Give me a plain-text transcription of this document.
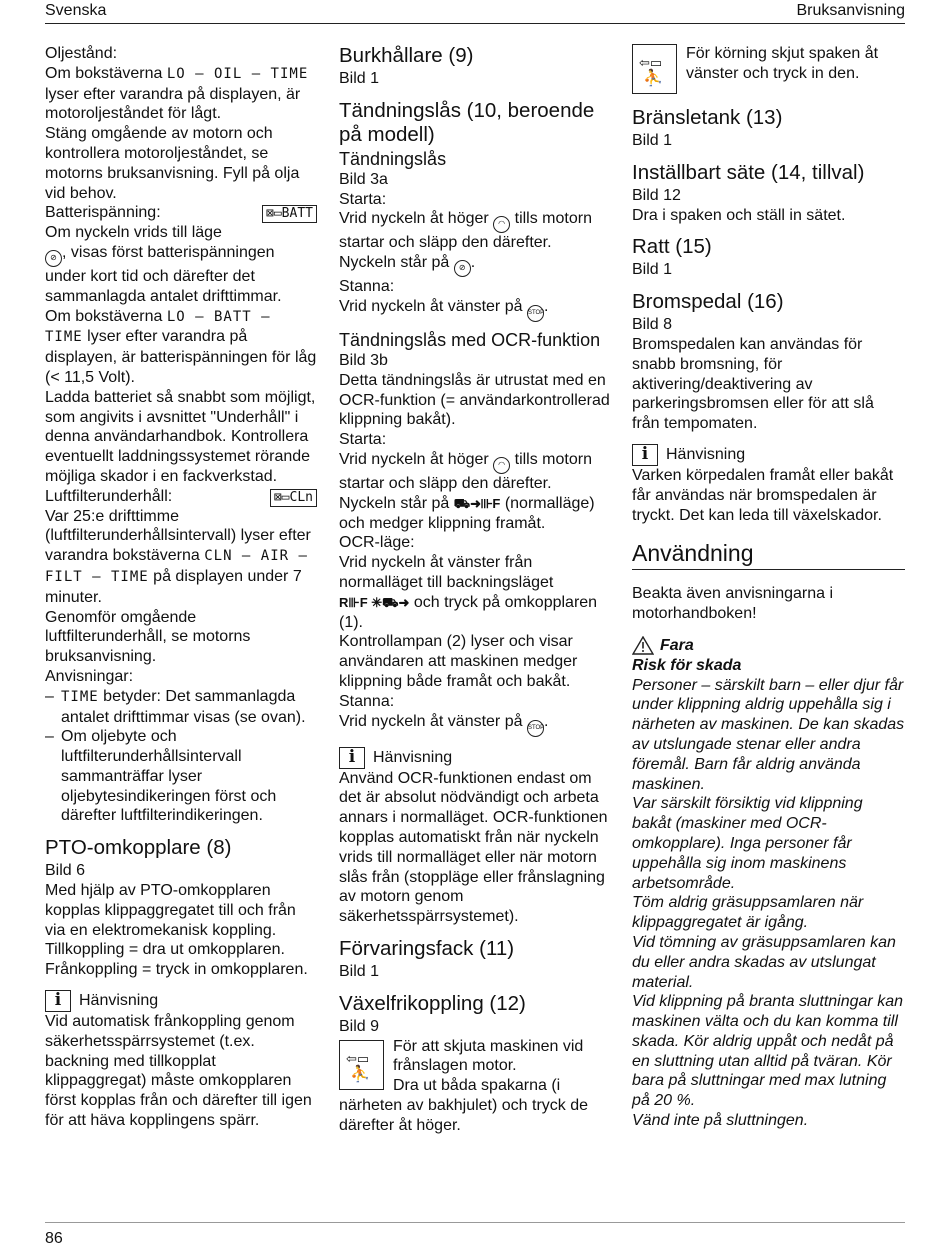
Svenska	Bruksanvisning

Oljestånd:

Om bokstäverna LO – OIL – TIME lyser efter varandra på displayen, är motoroljeståndet för lågt.

Stäng omgående av motorn och kontrollera motoroljeståndet, se motorns bruksanvisning. Fyll på olja vid behov.

⊠▭BATT

Batterispänning:

Om nyckeln vrids till läge
⊘ , visas först batterispänningen under kort tid och därefter det sammanlagda antalet drifttimmar.

Om bokstäverna LO – BATT – TIME lyser efter varandra på displayen, är batterispänningen för låg (< 11,5 Volt).

Ladda batteriet så snabbt som möjligt, som angivits i avsnittet "Underhåll" i denna användarhandbok. Kontrollera eventuellt laddningssystemet rörande möjliga skador i en fackverkstad.

⊠▭CLn

Luftfilterunderhåll:

Var 25:e drifttimme (luftfilterunderhållsintervall) lyser efter varandra bokstäverna CLN – AIR – FILT – TIME på displayen under 7 minuter.

Genomför omgående luftfilterunderhåll, se motorns bruksanvisning.

Anvisningar:

– TIME betyder: Det sammanlagda antalet drifttimmar visas (se ovan).
– Om oljebyte och luftfilterunderhållsintervall sammanträffar lyser oljebytesindikeringen först och därefter luftfilterindikeringen.

PTO-omkopplare (8)

Bild 6

Med hjälp av PTO-omkopplaren kopplas klippaggregatet till och från via en elektromekanisk koppling.

Tillkoppling = dra ut omkopplaren.

Frånkoppling = tryck in omkopplaren.

i	Hänvisning

Vid automatisk frånkoppling genom säkerhetsspärrsystemet (t.ex. backning med tillkopplat klippaggregat) måste omkopplaren först kopplas från och därefter till igen för att häva kopplingens spärr.

Burkhållare (9)

Bild 1

Tändningslås (10, beroende på modell)

Tändningslås

Bild 3a

Starta:

Vrid nyckeln åt höger ◠ tills motorn startar och släpp den därefter. Nyckeln står på ⊘ .

Stanna:

Vrid nyckeln åt vänster på STOP.

Tändningslås med OCR-funktion

Bild 3b

Detta tändningslås är utrustat med en OCR-funktion (= användarkontrollerad klippning bakåt).

Starta:

Vrid nyckeln åt höger ◠ tills motorn startar och släpp den därefter. Nyckeln står på ⛟➜⊪F (normalläge) och medger klippning framåt.

OCR-läge:

Vrid nyckeln åt vänster från normalläget till backningsläget
R⊪F ✳⛟➜ och tryck på omkopplaren (1).

Kontrollampan (2) lyser och visar användaren att maskinen medger klippning både framåt och bakåt.

Stanna:

Vrid nyckeln åt vänster på STOP.

i	Hänvisning

Använd OCR-funktionen endast om det är absolut nödvändigt och arbeta annars i normalläget. OCR-funktionen kopplas automatiskt från när nyckeln vrids till normalläget eller när motorn slås från (stoppläge eller frånslagning av motorn genom säkerhetsspärrsystemet).

Förvaringsfack (11)

Bild 1

Växelfrikoppling (12)

Bild 9

⇦▭
⛹

För att skjuta maskinen vid frånslagen motor.

Dra ut båda spakarna (i närheten av bakhjulet) och tryck de därefter åt höger.

⇦▭
⛹

För körning skjut spaken åt vänster och tryck in den.

Bränsletank (13)

Bild 1

Inställbart säte (14, tillval)

Bild 12

Dra i spaken och ställ in sätet.

Ratt (15)

Bild 1

Bromspedal (16)

Bild 8

Bromspedalen kan användas för snabb bromsning, för aktivering/deaktivering av parkeringsbromsen eller för att slå från tempomaten.

i	Hänvisning

Varken körpedalen framåt eller bakåt får användas när bromspedalen är tryckt. Det kan leda till växelskador.

Användning

Beakta även anvisningarna i motorhandboken!

Fara

Risk för skada

Personer – särskilt barn – eller djur får under klippning aldrig uppehålla sig i närheten av maskinen. De kan skadas av utslungade stenar eller andra föremål. Barn får aldrig använda maskinen.

Var särskilt försiktig vid klippning bakåt (maskiner med OCR-omkopplare). Inga personer får uppehålla sig inom maskinens arbetsområde.

Töm aldrig gräsuppsamlaren när klippaggregatet är igång.

Vid tömning av gräsuppsamlaren kan du eller andra skadas av utslungat material.

Vid klippning på branta sluttningar kan maskinen välta och du kan komma till skada. Kör aldrig uppåt och nedåt på en sluttning utan alltid på tväran. Kör bara på sluttningar med max lutning på 20 %.

Vänd inte på sluttningen.

86
